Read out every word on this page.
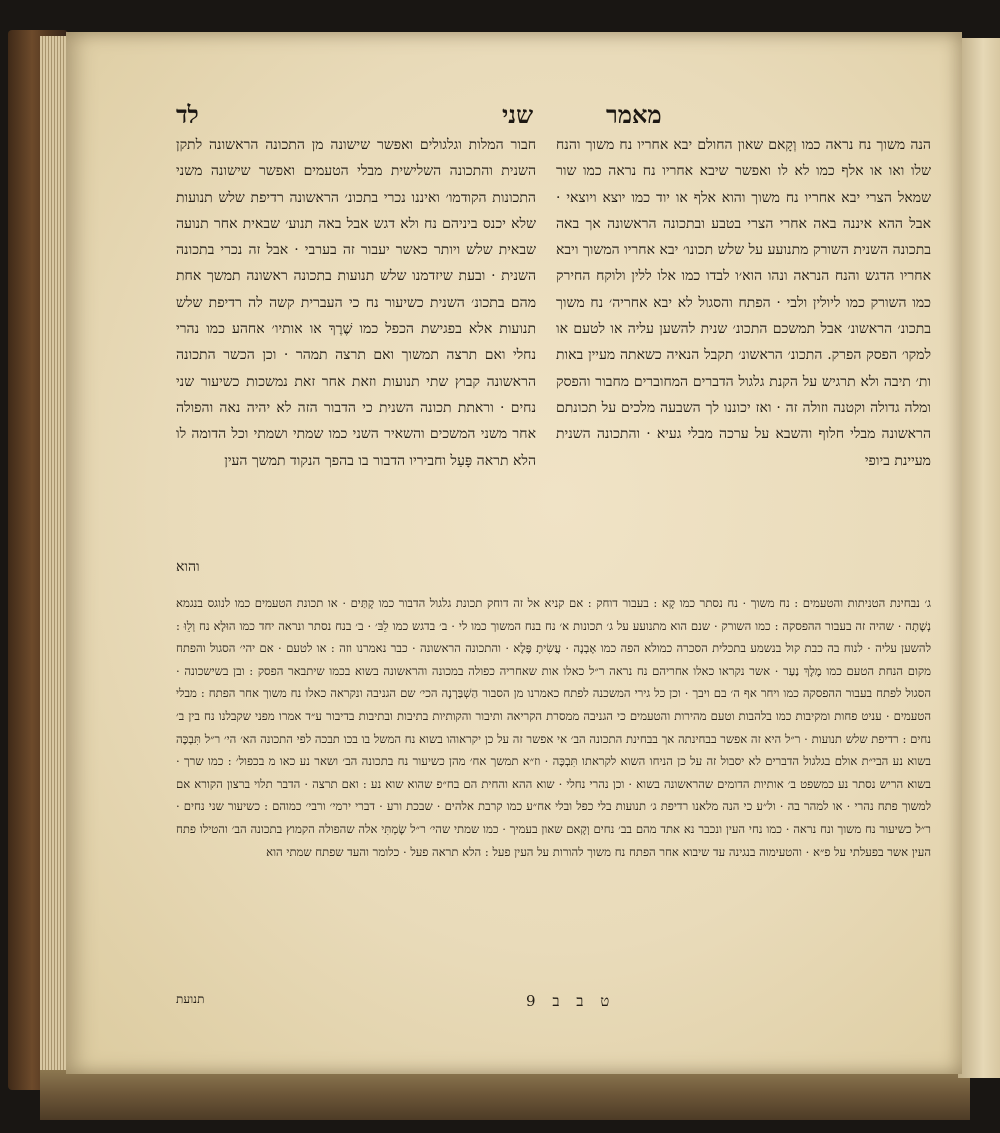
מאמר
שני
לד

הנה משוך נח נראה כמו וְקָאם שאון החולם יבא אחריו נח משוך והנח שלו ואו או אלף כמו לא לו ואפשר שיבא אחריו נח נראה כמו שור שמאל הצרי יבא אחריו נח משוך והוא אלף או יוד כמו יוצא ויוצאי · אבל ההא איננה באה אחרי הצרי בטבע ובתכונה הראשונה אך באה בתכונה השנית השורק מתנועע על שלש תכונו׳ יבא אחריו המשוך ויבא אחריו הדגש והנח הנראה ונהו הוא׳ו לבדו כמו אלו ללין ולוקח החירק כמו השורק כמו ליולין ולבי · הפתח והסגול לא יבא אחריה׳ נח משוך בתכונ׳ הראשונ׳ אבל תמשכם התכונ׳ שנית להשען עליה או לטעם או למקו׳ הפסק הפרק. התכונ׳ הראשונ׳ תקבל הנאיה כשאתה מעיין באות ות׳ תיבה ולא תרגיש על הקנת גלגול הדברים המחוברים מחבור והפסק ומלה גדולה וקטנה וזולה זה · ואז יכוננו לך השבעה מלכים על תכונתם הראשונה מבלי חלוף והשבא על ערכה מבלי געיא · והתכונה השנית מעיינת ביופי

חבור המלות וגלגולים ואפשר שישונה מן התכונה הראשונה לתקן השנית והתכונה השלישית מבלי הטעמים ואפשר שישונה משני התכונות הקודמו׳ ואיננו נכרי בתכונ׳ הראשונה רדיפת שלש תנועות שלא יכנס ביניהם נח ולא דגש אבל באה תנוע׳ שבאית אחר תנועה שבאית שלש ויותר כאשר יעבור זה בערבי · אבל זה נכרי בתכונה השנית · ובעת שיזדמנו שלש תנועות בתכונה ראשונה תמשך אחת מהם בתכונ׳ השנית כשיעור נח כי העברית קשה לה רדיפת שלש תנועות אלא בפגישת הכפל כמו שֶׁרֶךְ או אותיו׳ אחהע כמו נהרי נחלי ואם תרצה תמשוך ואם תרצה תמהר · וכן הכשר התכונה הראשונה קבוץ שתי תנועות וזאת אחר זאת נמשכות כשיעור שני נחים · וראתת תכונה השנית כי הדבור הזה לא יהיה נאה והפולה אחר משני המשכים והשאיר השני כמו שמתי ושמתי וכל הדומה לו הלא תראה פָּעַל וחביריו הדבור בו בהפך הנקוד תמשך העין

והוא

ג׳ נבחינת הטניתות והטעמים : נח משוך · נח נסתר כמו קָא : בעבור דוחק : אם קניא אל זה דוחק תכונת גלגול הדבור כמו קָתַּים · או תכונת הטעמים כמו לנוגס בנגמא נְשָׁתָה · שהיה זה בעבור ההפסקה : כמו השורק · שנם הוא מתנועע על ג׳ תכונות א׳ נח בנח המשוך כמו לי · ב׳ בדגש כמו לֵבּ׳ · ב׳ בנח נסתר ונראה יחד כמו הוּלָא נח וְלֵוּ : להשען עליה · לנוח בה כבת קול בנשמע בתכלית הסכרה כמולא הפה כמו אָבְנָה · עֲשִׂיתָ פֶּלֶא · והתכונה הראשונה · כבר נאמרנו וזה : או לטעם · אם יהי׳ הסגול והפתח מקום הנחת הטעם כמו מֶלֶךְ נַעַר · אשר נקראו כאלו אחריהם נח נראה ר״ל כאלו אות שאחריה כפולה במכונה והראשונה בשוא בכמו שיתבאר הפסק : ובן בשישכונה · הסגול לפתח בעבור ההפסקה כמו ויחר אף ה׳ בם ויבך · וכן כל גירי המשכנה לפתח כאמרנו מן הסבור הַשְׁבַּרְנָה הכי׳ שם הגניבה ונקראה כאלו נח משוך אחר הפתח : מבלי הטעמים · עניט פחות ומקיבות כמו בלהבות וטעם מהירות והטעמים כי הגניבה ממסרת הקריאה ותיבור והקותיות בתיבות ובתיבות בדיבור ע״ד אמרו מפני שקבלנו נח בין ב׳ נחים : רדיפת שלש תנועות · ר״ל היא זה אפשר בבחינתה אך בבחינת התכונה הב׳ אי אפשר זה על כן יקראוהו בשוא נח המשל בו בכו תבכה לפי התכונה הא׳ הי׳ ר״ל תִּבְכֶּה בשוא נע הבי״ת אולם בגלגול הדברים לא יסבול זה על כן הניחו השוא לקראתו תִּבְכֶּה · וז״א תמשך אח׳ מהן כשיעור נח בתכונה הב׳ ושאר נע כאו מ בכפול׳ : כמו שרך · בשוא הריש נסתר נע כמשפט ב׳ אותיות הדומים שהראשונה בשוא · וכן נהרי נחלי · שוא ההא והחית הם בח״פ שהוא שוא נע : ואם תרצה · הדבר תלוי ברצון הקורא אם למשוך פתח נהרי · או למהר בה · ול״ע כי הנה מלאנו רדיפת ג׳ תנועות בלי כפל ובלי אח״ע כמו קרבת אלהים · שבכת ורע · דברי ירמי׳ ורבי׳ כמוהם : כשיעור שני נחים · ר״ל כשיעור נח משוך ונח נראה · כמו נחי העין ונכבר נא אתד מהם בב׳ נחים וְקָאם שאון בעמיך · כמו שמתי שהי׳ ר״ל שָׂמְתִּי אלה שהפולה הקמוץ בתכונה הב׳ והטילו פתח העין אשר בפעלתי על פ״א · והטעימוה בנגינה עד שיבוא אחר הפתח נח משוך להורות על העין פעל : הלא תראה פעל · כלומר והעד שפתח שמתי הוא

ט ב ב 9
תנועת
